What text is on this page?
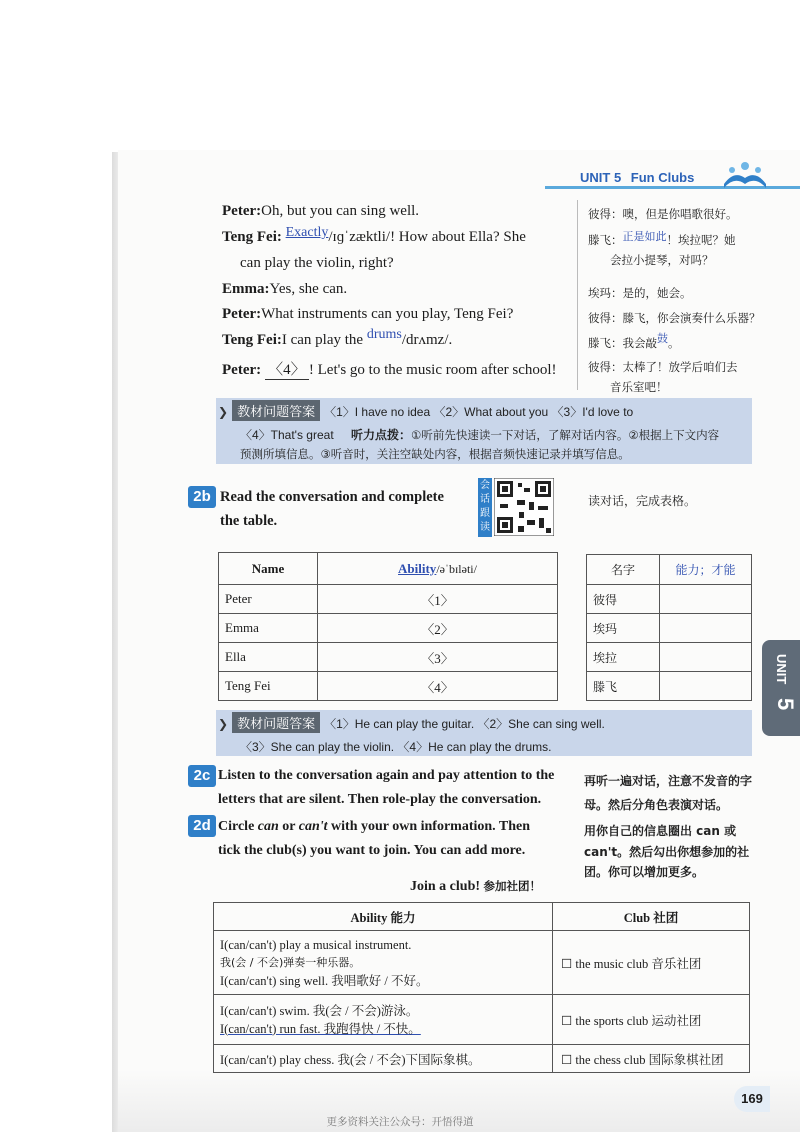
UNIT 5 Fun Clubs
Peter:Oh, but you can sing well.
Teng Fei: Exactly/ɪɡˈzæktli/! How about Ella? She
can play the violin, right?
Emma:Yes, she can.
Peter:What instruments can you play, Teng Fei?
Teng Fei:I can play the drums/drʌmz/.
Peter: 〈4〉 ! Let's go to the music room after school!
彼得：噢，但是你唱歌很好。
滕飞：正是如此！埃拉呢？她
会拉小提琴，对吗？
埃玛：是的，她会。
彼得：滕飞，你会演奏什么乐器？
滕飞：我会敲鼓。
彼得：太棒了！放学后咱们去
音乐室吧！
❯ 教材问题答案 〈1〉I have no idea 〈2〉What about you 〈3〉I'd love to
〈4〉That's great 听力点拨：①听前先快速读一下对话，了解对话内容。②根据上下文内容
预测所填信息。③听音时，关注空缺处内容，根据音频快速记录并填写信息。
2b Read the conversation and complete
the table.
会话跟读
读对话，完成表格。
Name	Ability/əˈbɪləti/
Peter	〈1〉
Emma	〈2〉
Ella	〈3〉
Teng Fei	〈4〉
名字	能力；才能
彼得	
埃玛	
埃拉	
滕飞	
❯ 教材问题答案 〈1〉He can play the guitar. 〈2〉She can sing well.
〈3〉She can play the violin. 〈4〉He can play the drums.
2c Listen to the conversation again and pay attention to the
letters that are silent. Then role-play the conversation.
再听一遍对话，注意不发音的字
母。然后分角色表演对话。
2d Circle can or can't with your own information. Then
tick the club(s) you want to join. You can add more.
用你自己的信息圈出 can 或
can't。然后勾出你想参加的社
团。你可以增加更多。
Join a club! 参加社团！
Ability 能力	Club 社团

I(can/can't) play a musical instrument.
我(会 / 不会)弹奏一种乐器。
I(can/can't) sing well. 我唱歌好 / 不好。	☐ the music club 音乐社团

I(can/can't) swim. 我(会 / 不会)游泳。
I(can/can't) run fast. 我跑得快 / 不快。	☐ the sports club 运动社团
I(can/can't) play chess. 我(会 / 不会)下国际象棋。	☐ the chess club 国际象棋社团
UNIT
5
169
更多资料关注公众号：开悟得道
